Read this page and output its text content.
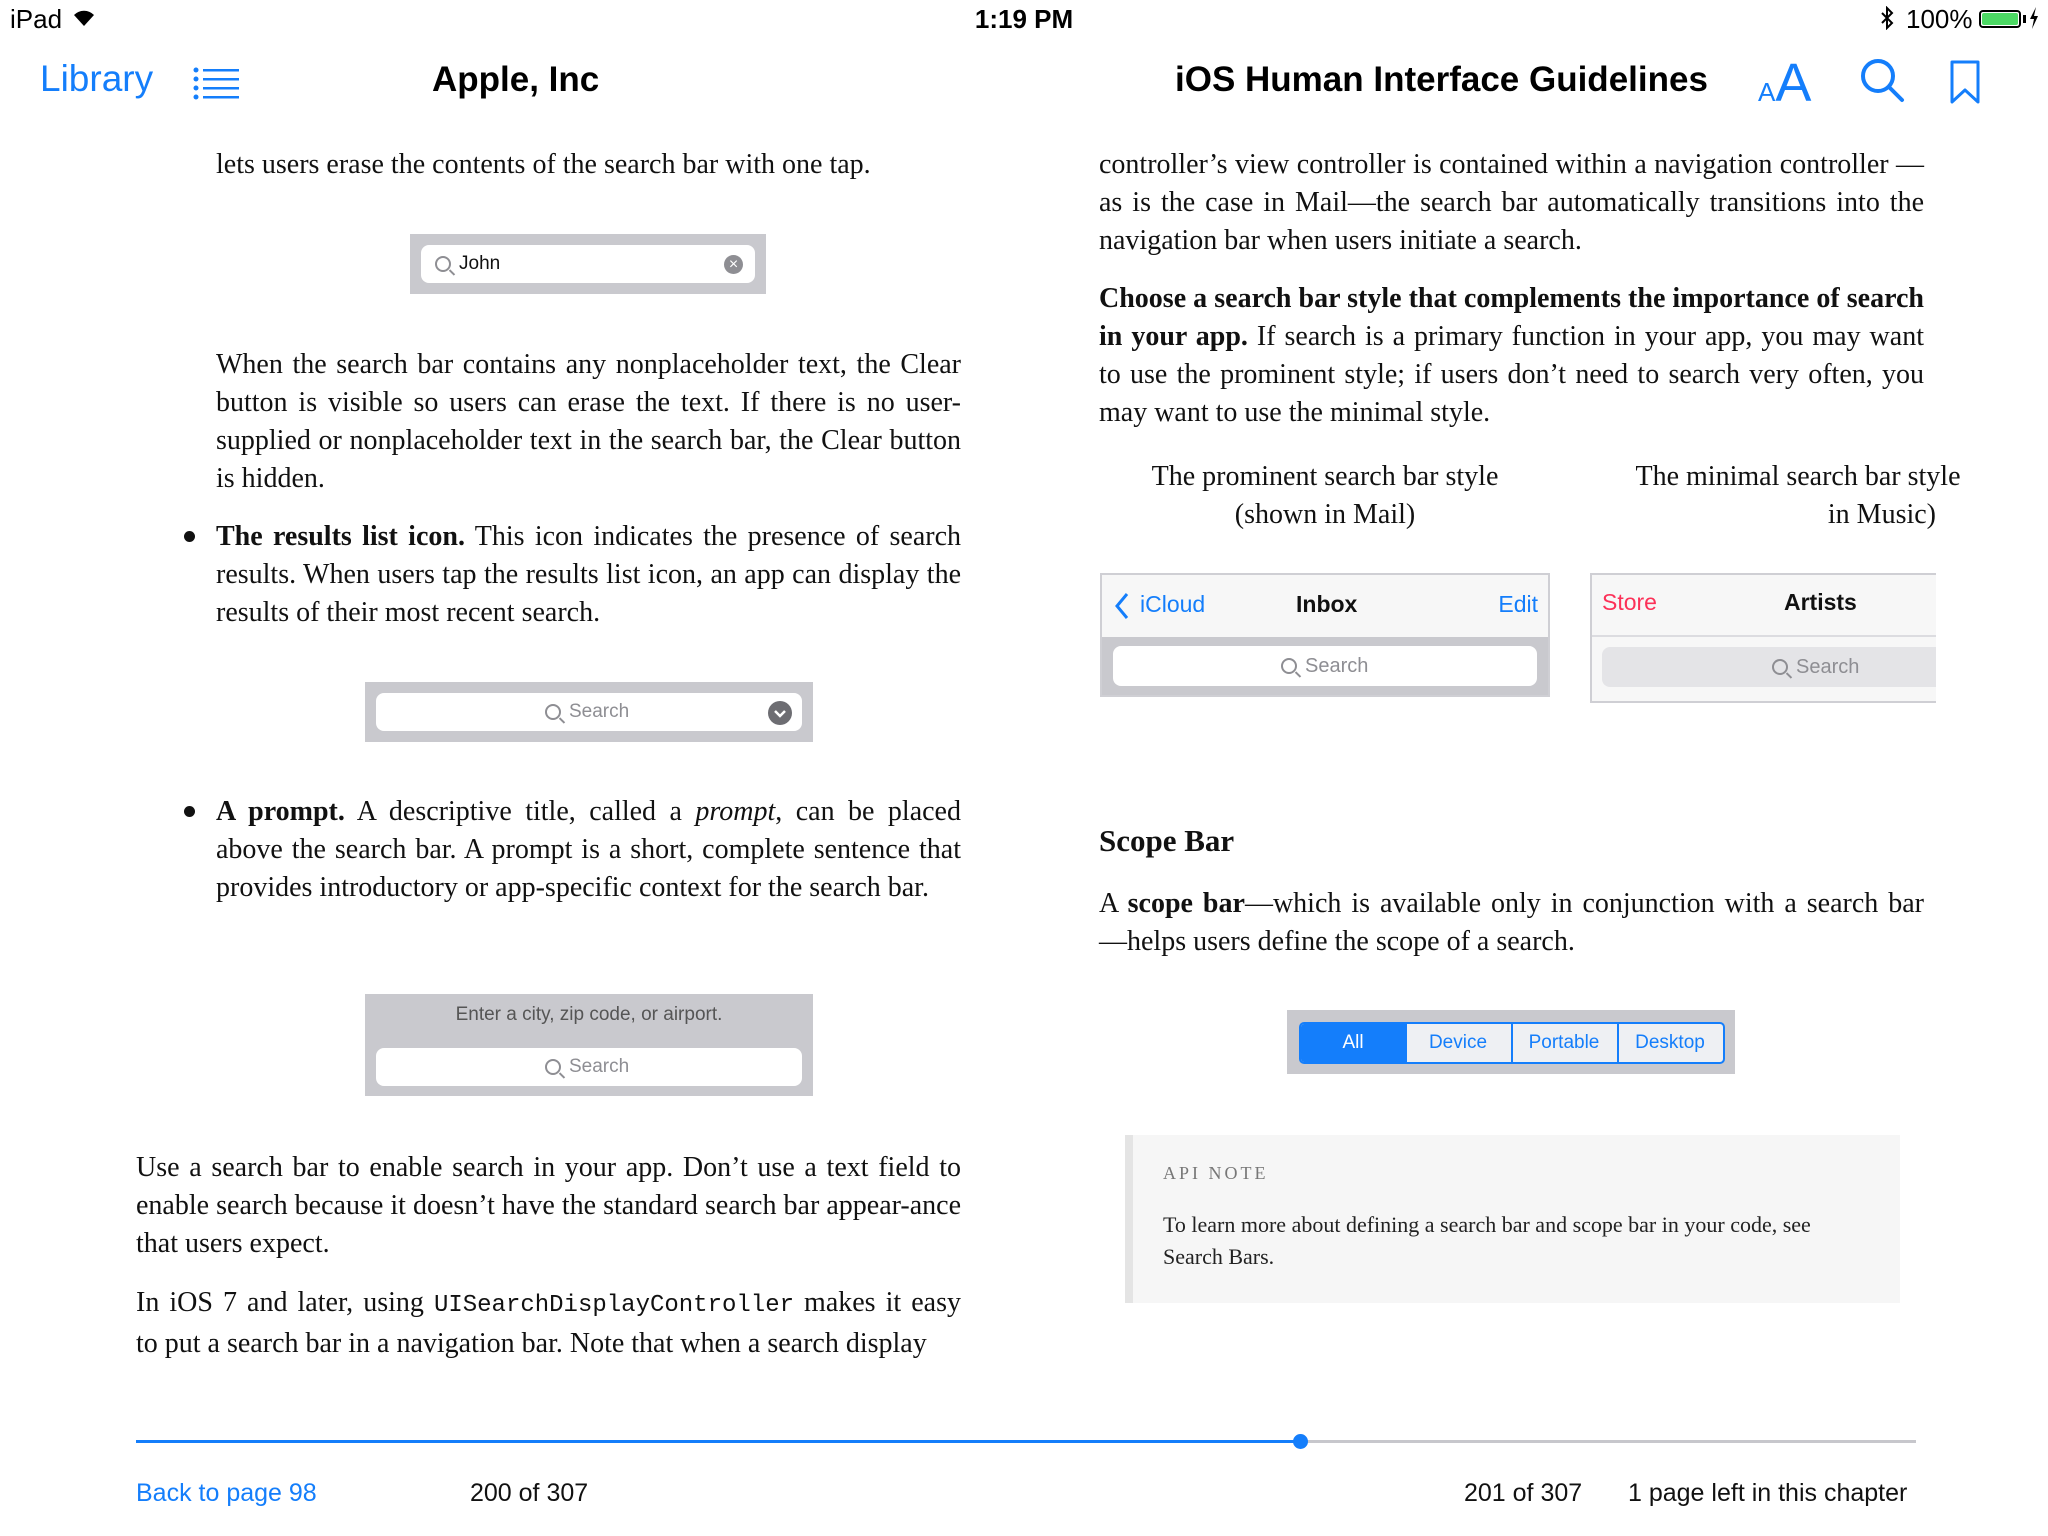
iPad	1:19 PM	100%
Library	Apple, Inc	iOS Human Interface Guidelines AA
lets users erase the contents of the search bar with one tap.
John	×
When the search bar contains any nonplaceholder text, the Clear button is visible so users can erase the text. If there is no user-supplied or nonplaceholder text in the search bar, the Clear button is hidden.
The results list icon. This icon indicates the presence of search results. When users tap the results list icon, an app can display the results of their most recent search.
Search
A prompt. A descriptive title, called a prompt, can be placed above the search bar. A prompt is a short, complete sentence that provides introductory or app-specific context for the search bar.
Enter a city, zip code, or airport.
Search
Use a search bar to enable search in your app. Don’t use a text field to enable search because it doesn’t have the standard search bar appear-ance that users expect.
In iOS 7 and later, using UISearchDisplayController makes it easy to put a search bar in a navigation bar. Note that when a search display
controller’s view controller is contained within a navigation controller —as is the case in Mail—the search bar automatically transitions into the navigation bar when users initiate a search.
Choose a search bar style that complements the importance of search in your app. If search is a primary function in your app, you may want to use the prominent style; if users don’t need to search very often, you may want to use the minimal style.
The prominent search bar style
(shown in Mail)
The minimal search bar style
in Music)
iCloud	Inbox	Edit
Search
Store	Artists
Search
Scope Bar
A scope bar—which is available only in conjunction with a search bar —helps users define the scope of a search.
All	Device	Portable	Desktop
API NOTE
To learn more about defining a search bar and scope bar in your code, see Search Bars.
Back to page 98	200 of 307	201 of 307 1 page left in this chapter
